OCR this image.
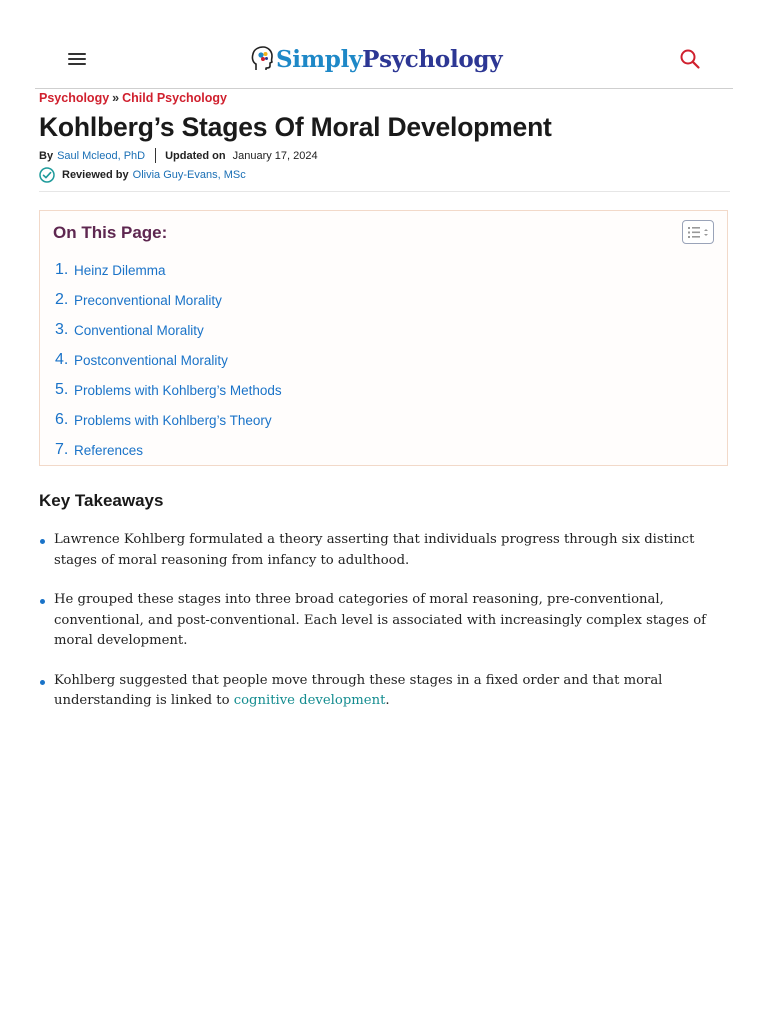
SimplyPsychology
Psychology » Child Psychology
Kohlberg’s Stages Of Moral Development
By Saul Mcleod, PhD Updated on January 17, 2024
Reviewed by Olivia Guy-Evans, MSc
On This Page:
1. Heinz Dilemma
2. Preconventional Morality
3. Conventional Morality
4. Postconventional Morality
5. Problems with Kohlberg’s Methods
6. Problems with Kohlberg’s Theory
7. References
Key Takeaways
Lawrence Kohlberg formulated a theory asserting that individuals progress through six distinct stages of moral reasoning from infancy to adulthood.
He grouped these stages into three broad categories of moral reasoning, pre-conventional, conventional, and post-conventional. Each level is associated with increasingly complex stages of moral development.
Kohlberg suggested that people move through these stages in a fixed order and that moral understanding is linked to cognitive development.
